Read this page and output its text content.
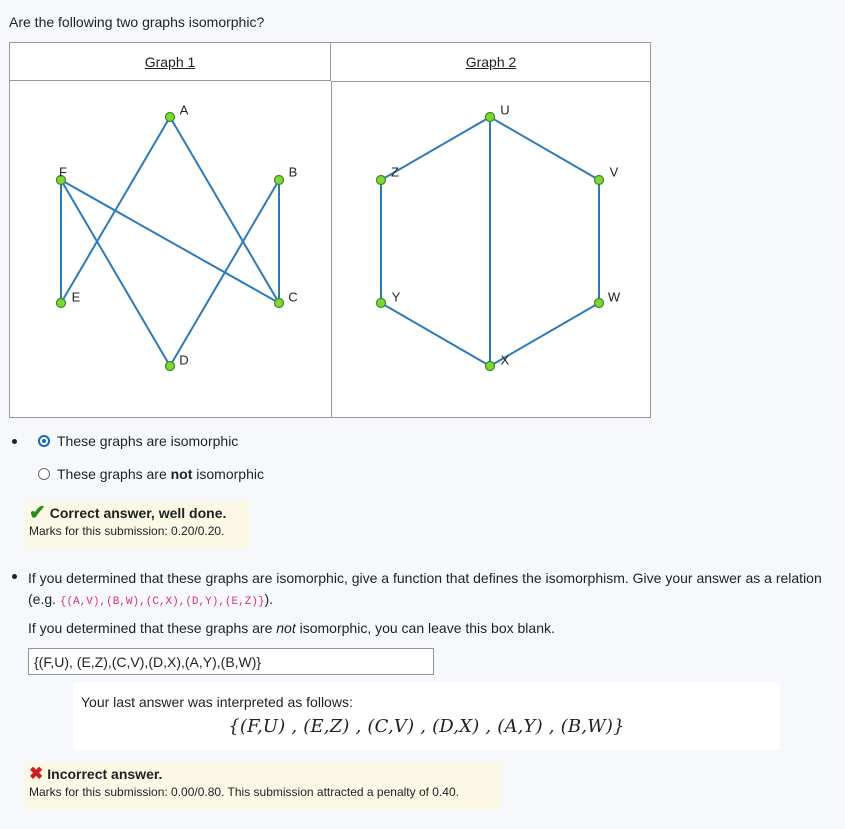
Are the following two graphs isomorphic?
Graph 1	Graph 2
A
B
C
D
E
F
U
V
W
X
Y
Z
These graphs are isomorphic
These graphs are not isomorphic
✔ Correct answer, well done.
Marks for this submission: 0.20/0.20.
If you determined that these graphs are isomorphic, give a function that defines the isomorphism. Give your answer as a relation (e.g. {(A,V),(B,W),(C,X),(D,Y),(E,Z)}).
If you determined that these graphs are not isomorphic, you can leave this box blank.
{(F,U), (E,Z),(C,V),(D,X),(A,Y),(B,W)}
Your last answer was interpreted as follows:
{(F,U) , (E,Z) , (C,V) , (D,X) , (A,Y) , (B,W)}
✖ Incorrect answer.
Marks for this submission: 0.00/0.80. This submission attracted a penalty of 0.40.
